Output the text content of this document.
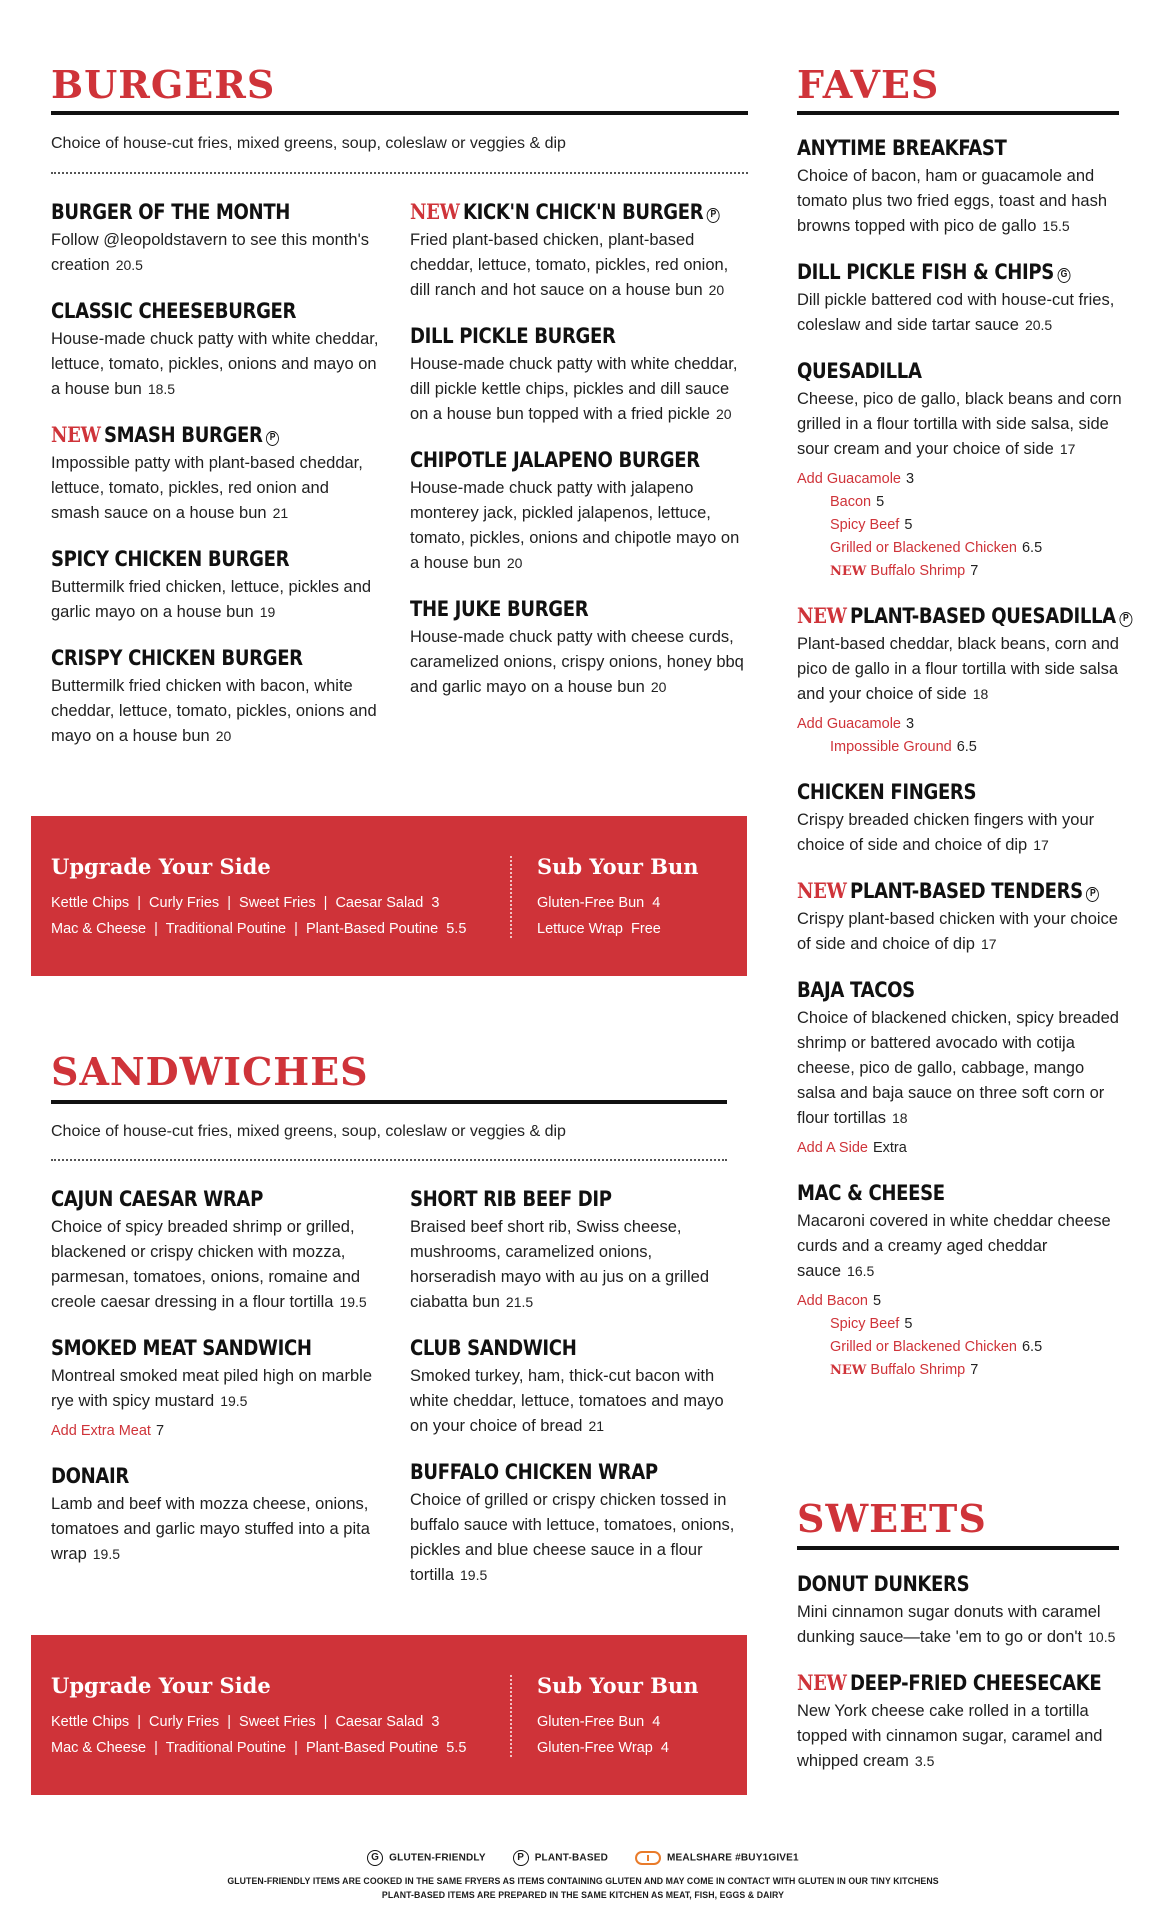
BURGERS
Choice of house-cut fries, mixed greens, soup, coleslaw or veggies & dip
BURGER OF THE MONTH
Follow @leopoldstavern to see this month's creation 20.5
CLASSIC CHEESEBURGER
House-made chuck patty with white cheddar, lettuce, tomato, pickles, onions and mayo on a house bun 18.5
NEW SMASH BURGER P
Impossible patty with plant-based cheddar, lettuce, tomato, pickles, red onion and smash sauce on a house bun 21
SPICY CHICKEN BURGER
Buttermilk fried chicken, lettuce, pickles and garlic mayo on a house bun 19
CRISPY CHICKEN BURGER
Buttermilk fried chicken with bacon, white cheddar, lettuce, tomato, pickles, onions and mayo on a house bun 20
NEW KICK'N CHICK'N BURGER P
Fried plant-based chicken, plant-based cheddar, lettuce, tomato, pickles, red onion, dill ranch and hot sauce on a house bun 20
DILL PICKLE BURGER
House-made chuck patty with white cheddar, dill pickle kettle chips, pickles and dill sauce on a house bun topped with a fried pickle 20
CHIPOTLE JALAPENO BURGER
House-made chuck patty with jalapeno monterey jack, pickled jalapenos, lettuce, tomato, pickles, onions and chipotle mayo on a house bun 20
THE JUKE BURGER
House-made chuck patty with cheese curds, caramelized onions, crispy onions, honey bbq and garlic mayo on a house bun 20
Upgrade Your Side
Kettle Chips  |  Curly Fries  |  Sweet Fries  |  Caesar Salad  3
Mac & Cheese  |  Traditional Poutine  |  Plant-Based Poutine  5.5
Sub Your Bun
Gluten-Free Bun  4
Lettuce Wrap  Free
SANDWICHES
Choice of house-cut fries, mixed greens, soup, coleslaw or veggies & dip
CAJUN CAESAR WRAP
Choice of spicy breaded shrimp or grilled, blackened or crispy chicken with mozza, parmesan, tomatoes, onions, romaine and creole caesar dressing in a flour tortilla 19.5
SMOKED MEAT SANDWICH
Montreal smoked meat piled high on marble rye with spicy mustard 19.5
Add Extra Meat 7
DONAIR
Lamb and beef with mozza cheese, onions, tomatoes and garlic mayo stuffed into a pita wrap 19.5
SHORT RIB BEEF DIP
Braised beef short rib, Swiss cheese, mushrooms, caramelized onions, horseradish mayo with au jus on a grilled ciabatta bun 21.5
CLUB SANDWICH
Smoked turkey, ham, thick-cut bacon with white cheddar, lettuce, tomatoes and mayo on your choice of bread 21
BUFFALO CHICKEN WRAP
Choice of grilled or crispy chicken tossed in buffalo sauce with lettuce, tomatoes, onions, pickles and blue cheese sauce in a flour tortilla 19.5
Upgrade Your Side
Kettle Chips  |  Curly Fries  |  Sweet Fries  |  Caesar Salad  3
Mac & Cheese  |  Traditional Poutine  |  Plant-Based Poutine  5.5
Sub Your Bun
Gluten-Free Bun  4
Gluten-Free Wrap  4
FAVES
ANYTIME BREAKFAST
Choice of bacon, ham or guacamole and tomato plus two fried eggs, toast and hash browns topped with pico de gallo 15.5
DILL PICKLE FISH & CHIPS G
Dill pickle battered cod with house-cut fries, coleslaw and side tartar sauce 20.5
QUESADILLA
Cheese, pico de gallo, black beans and corn grilled in a flour tortilla with side salsa, side sour cream and your choice of side 17
Add Guacamole 3
Bacon 5
Spicy Beef 5
Grilled or Blackened Chicken 6.5
NEW Buffalo Shrimp 7
NEW PLANT-BASED QUESADILLA P
Plant-based cheddar, black beans, corn and pico de gallo in a flour tortilla with side salsa and your choice of side 18
Add Guacamole 3
Impossible Ground 6.5
CHICKEN FINGERS
Crispy breaded chicken fingers with your choice of side and choice of dip 17
NEW PLANT-BASED TENDERS P
Crispy plant-based chicken with your choice of side and choice of dip 17
BAJA TACOS
Choice of blackened chicken, spicy breaded shrimp or battered avocado with cotija cheese, pico de gallo, cabbage, mango salsa and baja sauce on three soft corn or flour tortillas 18
Add A Side Extra
MAC & CHEESE
Macaroni covered in white cheddar cheese curds and a creamy aged cheddar sauce 16.5
Add Bacon 5
Spicy Beef 5
Grilled or Blackened Chicken 6.5
NEW Buffalo Shrimp 7
SWEETS
DONUT DUNKERS
Mini cinnamon sugar donuts with caramel dunking sauce—take 'em to go or don't 10.5
NEW DEEP-FRIED CHEESECAKE
New York cheese cake rolled in a tortilla topped with cinnamon sugar, caramel and whipped cream 3.5
G GLUTEN-FRIENDLY	P PLANT-BASED	MEALSHARE #BUY1GIVE1
GLUTEN-FRIENDLY ITEMS ARE COOKED IN THE SAME FRYERS AS ITEMS CONTAINING GLUTEN AND MAY COME IN CONTACT WITH GLUTEN IN OUR TINY KITCHENS
PLANT-BASED ITEMS ARE PREPARED IN THE SAME KITCHEN AS MEAT, FISH, EGGS & DAIRY
